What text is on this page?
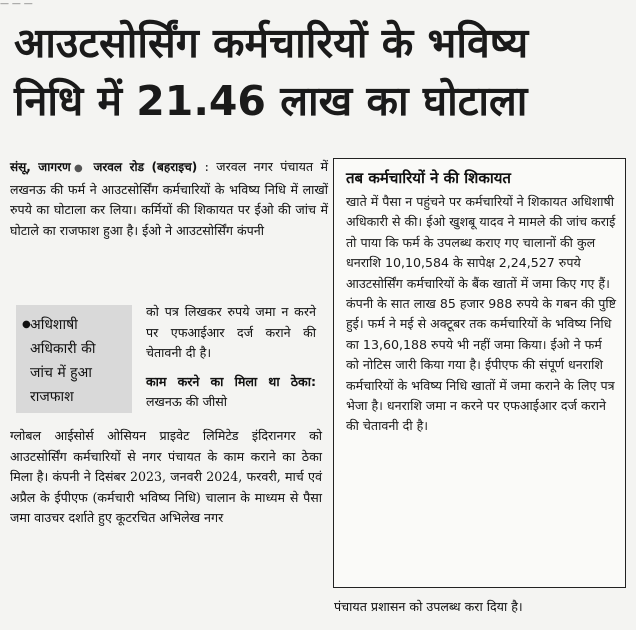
— — —
आउटसोर्सिंग कर्मचारियों के भविष्य
निधि में 21.46 लाख का घोटाला
संसू, जागरण● जरवल रोड (बहराइच) : जरवल नगर पंचायत में लखनऊ की फर्म ने आउटसोर्सिंग कर्मचारियों के भविष्य निधि में लाखों रुपये का घोटाला कर लिया। कर्मियों की शिकायत पर ईओ की जांच में घोटाले का राजफाश हुआ है। ईओ ने आउटसोर्सिंग कंपनी
● अधिशाषी
अधिकारी की
जांच में हुआ
राजफाश
को पत्र लिखकर रुपये जमा न करने पर एफआईआर दर्ज कराने की चेतावनी दी है।
काम करने का मिला था ठेका: लखनऊ की जीसो
ग्लोबल आईसोर्स ओसियन प्राइवेट लिमिटेड इंदिरानगर को आउटसोर्सिंग कर्मचारियों से नगर पंचायत के काम कराने का ठेका मिला है। कंपनी ने दिसंबर 2023, जनवरी 2024, फरवरी, मार्च एवं अप्रैल के ईपीएफ (कर्मचारी भविष्य निधि) चालान के माध्यम से पैसा जमा वाउचर दर्शाते हुए कूटरचित अभिलेख नगर
तब कर्मचारियों ने की शिकायत

खाते में पैसा न पहुंचने पर कर्मचारियों ने शिकायत अधिशाषी अधिकारी से की। ईओ खुशबू यादव ने मामले की जांच कराई तो पाया कि फर्म के उपलब्ध कराए गए चालानों की कुल धनराशि 10,10,584 के सापेक्ष 2,24,527 रुपये आउटसोर्सिंग कर्मचारियों के बैंक खातों में जमा किए गए हैं। कंपनी के सात लाख 85 हजार 988 रुपये के गबन की पुष्टि हुई। फर्म ने मई से अक्टूबर तक कर्मचारियों के भविष्य निधि का 13,60,188 रुपये भी नहीं जमा किया। ईओ ने फर्म को नोटिस जारी किया गया है। ईपीएफ की संपूर्ण धनराशि कर्मचारियों के भविष्य निधि खातों में जमा कराने के लिए पत्र भेजा है। धनराशि जमा न करने पर एफआईआर दर्ज कराने की चेतावनी दी है।

पंचायत प्रशासन को उपलब्ध करा दिया है।
